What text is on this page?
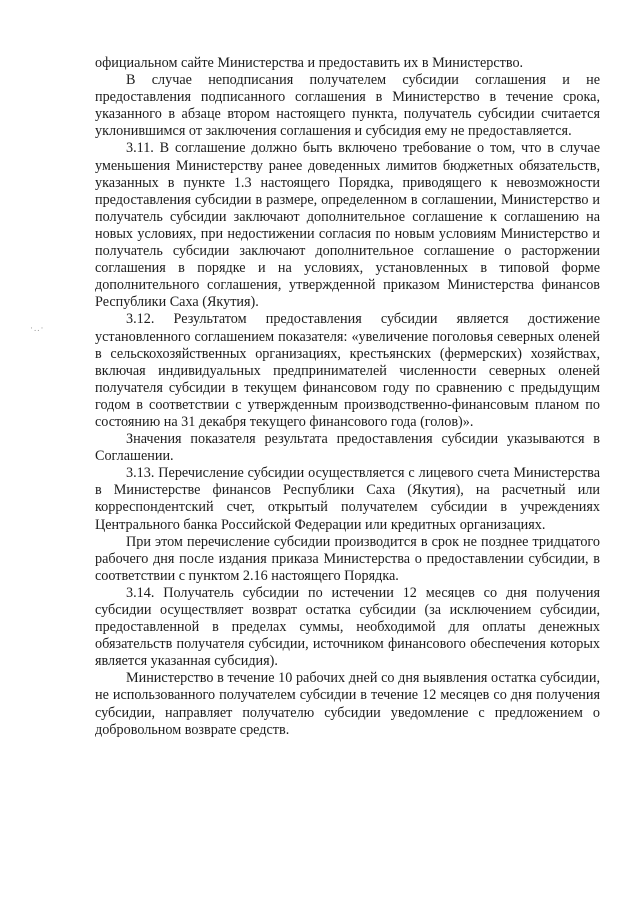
·..·

официальном сайте Министерства и предоставить их в Министерство.

В случае неподписания получателем субсидии соглашения и не предоставления подписанного соглашения в Министерство в течение срока, указанного в абзаце втором настоящего пункта, получатель субсидии считается уклонившимся от заключения соглашения и субсидия ему не предоставляется.

3.11. В соглашение должно быть включено требование о том, что в случае уменьшения Министерству ранее доведенных лимитов бюджетных обязательств, указанных в пункте 1.3 настоящего Порядка, приводящего к невозможности предоставления субсидии в размере, определенном в соглашении, Министерство и получатель субсидии заключают дополнительное соглашение к соглашению на новых условиях, при недостижении согласия по новым условиям Министерство и получатель субсидии заключают дополнительное соглашение о расторжении соглашения в порядке и на условиях, установленных в типовой форме дополнительного соглашения, утвержденной приказом Министерства финансов Республики Саха (Якутия).

3.12. Результатом предоставления субсидии является достижение установленного соглашением показателя: «увеличение поголовья северных оленей в сельскохозяйственных организациях, крестьянских (фермерских) хозяйствах, включая индивидуальных предпринимателей численности северных оленей получателя субсидии в текущем финансовом году по сравнению с предыдущим годом в соответствии с утвержденным производственно-финансовым планом по состоянию на 31 декабря текущего финансового года (голов)».

Значения показателя результата предоставления субсидии указываются в Соглашении.

3.13. Перечисление субсидии осуществляется с лицевого счета Министерства в Министерстве финансов Республики Саха (Якутия), на расчетный или корреспондентский счет, открытый получателем субсидии в учреждениях Центрального банка Российской Федерации или кредитных организациях.

При этом перечисление субсидии производится в срок не позднее тридцатого рабочего дня после издания приказа Министерства о предоставлении субсидии, в соответствии с пунктом 2.16 настоящего Порядка.

3.14. Получатель субсидии по истечении 12 месяцев со дня получения субсидии осуществляет возврат остатка субсидии (за исключением субсидии, предоставленной в пределах суммы, необходимой для оплаты денежных обязательств получателя субсидии, источником финансового обеспечения которых является указанная субсидия).

Министерство в течение 10 рабочих дней со дня выявления остатка субсидии, не использованного получателем субсидии в течение 12 месяцев со дня получения субсидии, направляет получателю субсидии уведомление с предложением о добровольном возврате средств.
